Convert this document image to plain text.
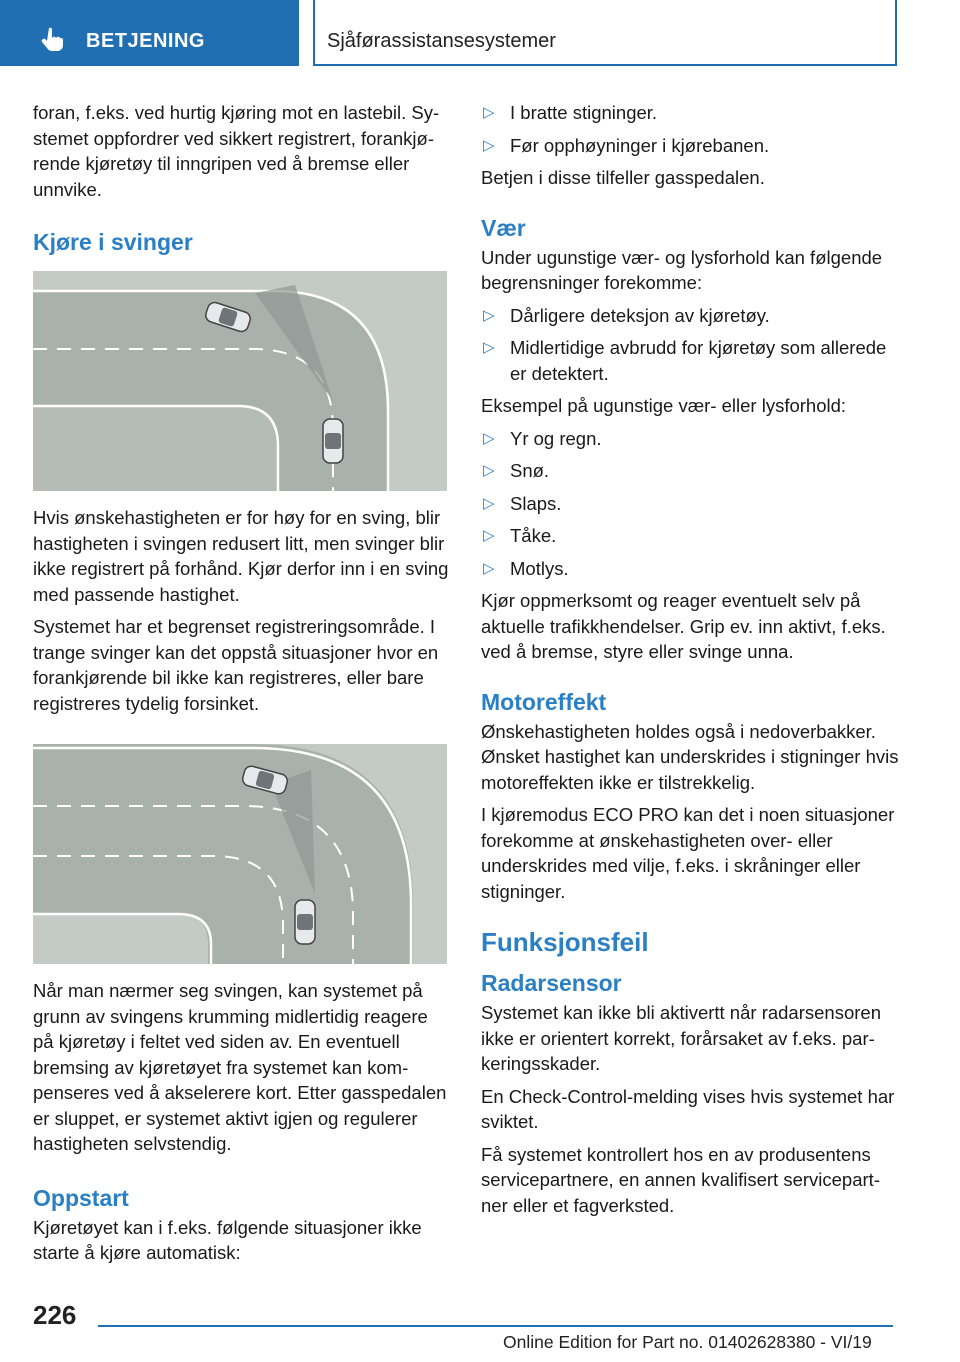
BETJENING	Sjåførassistansesystemer

foran, f.eks. ved hurtig kjøring mot en lastebil. Systemet oppfordrer ved sikkert registrert, forankjørende kjøretøy til inngripen ved å bremse eller unnvike.

Kjøre i svinger

Hvis ønskehastigheten er for høy for en sving, blir hastigheten i svingen redusert litt, men svinger blir ikke registrert på forhånd. Kjør derfor inn i en sving med passende hastighet.

Systemet har et begrenset registreringsområde. I trange svinger kan det oppstå situasjoner hvor en forankjørende bil ikke kan registreres, eller bare registreres tydelig forsinket.

Når man nærmer seg svingen, kan systemet på grunn av svingens krumming midlertidig reagere på kjøretøy i feltet ved siden av. En eventuell bremsing av kjøretøyet fra systemet kan kompenseres ved å akselerere kort. Etter gasspedalen er sluppet, er systemet aktivt igjen og regulerer hastigheten selvstendig.

Oppstart

Kjøretøyet kan i f.eks. følgende situasjoner ikke starte å kjøre automatisk:

▷ I bratte stigninger.
▷ Før opphøyninger i kjørebanen.

Betjen i disse tilfeller gasspedalen.

Vær

Under ugunstige vær- og lysforhold kan følgende begrensninger forekomme:

▷ Dårligere deteksjon av kjøretøy.
▷ Midlertidige avbrudd for kjøretøy som allerede er detektert.

Eksempel på ugunstige vær- eller lysforhold:

▷ Yr og regn.
▷ Snø.
▷ Slaps.
▷ Tåke.
▷ Motlys.

Kjør oppmerksomt og reager eventuelt selv på aktuelle trafikkhendelser. Grip ev. inn aktivt, f.eks. ved å bremse, styre eller svinge unna.

Motoreffekt

Ønskehastigheten holdes også i nedoverbakker. Ønsket hastighet kan underskrides i stigninger hvis motoreffekten ikke er tilstrekkelig.

I kjøremodus ECO PRO kan det i noen situasjoner forekomme at ønskehastigheten over- eller underskrides med vilje, f.eks. i skråninger eller stigninger.

Funksjonsfeil
Radarsensor

Systemet kan ikke bli aktivertt når radarsensoren ikke er orientert korrekt, forårsaket av f.eks. parkeringsskader.

En Check-Control-melding vises hvis systemet har sviktet.

Få systemet kontrollert hos en av produsentens servicepartnere, en annen kvalifisert servicepartner eller et fagverksted.

226
Online Edition for Part no. 01402628380 - VI/19
